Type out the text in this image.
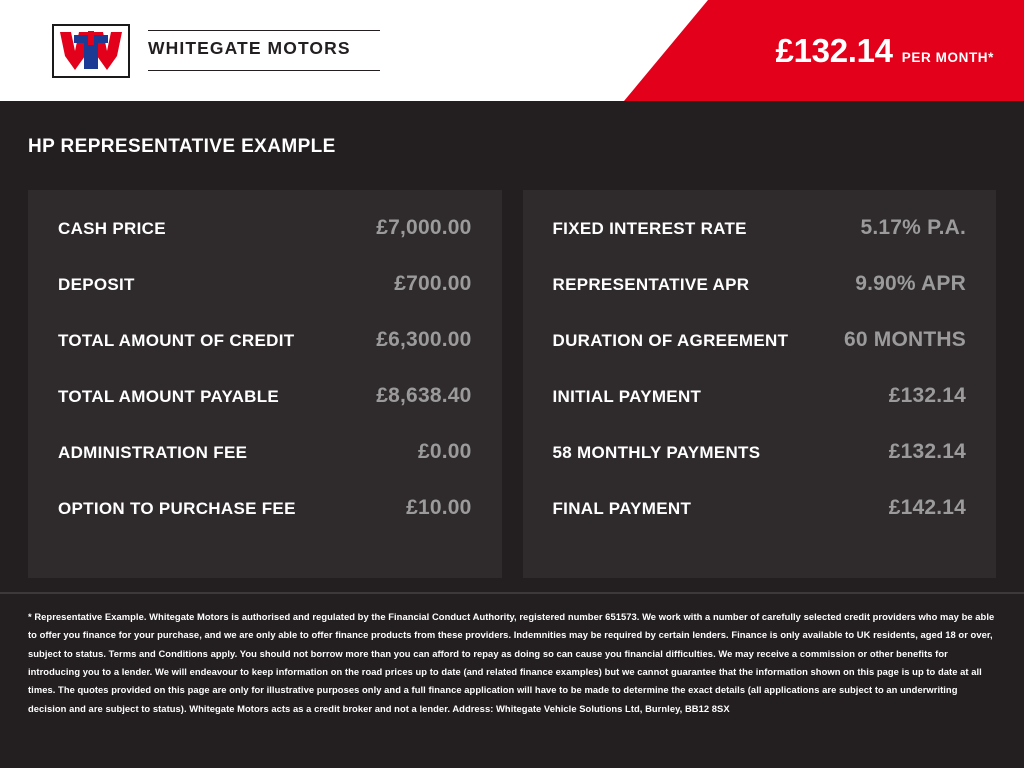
WHITEGATE MOTORS	£132.14 PER MONTH*
HP REPRESENTATIVE EXAMPLE
CASH PRICE	£7,000.00
DEPOSIT	£700.00
TOTAL AMOUNT OF CREDIT	£6,300.00
TOTAL AMOUNT PAYABLE	£8,638.40
ADMINISTRATION FEE	£0.00
OPTION TO PURCHASE FEE	£10.00
FIXED INTEREST RATE	5.17% P.A.
REPRESENTATIVE APR	9.90% APR
DURATION OF AGREEMENT	60 MONTHS
INITIAL PAYMENT	£132.14
58 MONTHLY PAYMENTS	£132.14
FINAL PAYMENT	£142.14
* Representative Example. Whitegate Motors is authorised and regulated by the Financial Conduct Authority, registered number 651573. We work with a number of carefully selected credit providers who may be able to offer you finance for your purchase, and we are only able to offer finance products from these providers. Indemnities may be required by certain lenders. Finance is only available to UK residents, aged 18 or over, subject to status. Terms and Conditions apply. You should not borrow more than you can afford to repay as doing so can cause you financial difficulties. We may receive a commission or other benefits for introducing you to a lender. We will endeavour to keep information on the road prices up to date (and related finance examples) but we cannot guarantee that the information shown on this page is up to date at all times. The quotes provided on this page are only for illustrative purposes only and a full finance application will have to be made to determine the exact details (all applications are subject to an underwriting decision and are subject to status). Whitegate Motors acts as a credit broker and not a lender. Address: Whitegate Vehicle Solutions Ltd, Burnley, BB12 8SX
